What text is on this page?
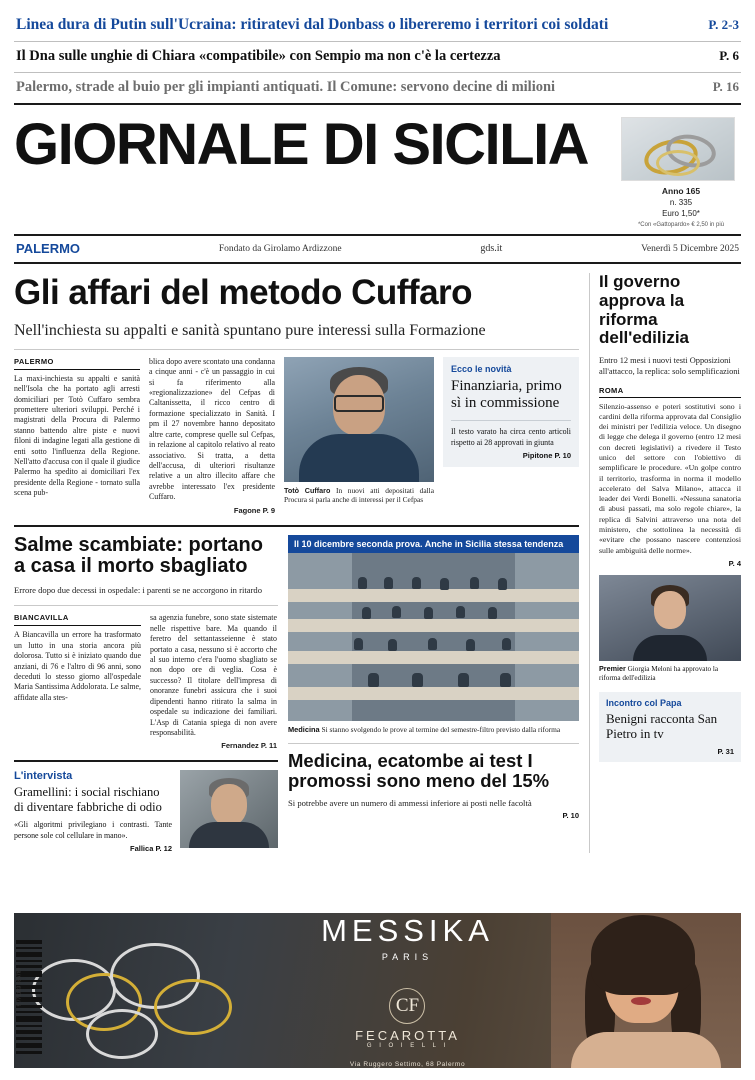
Linea dura di Putin sull'Ucraina: ritiratevi dal Donbass o libereremo i territori coi soldati	P. 2-3
Il Dna sulle unghie di Chiara «compatibile» con Sempio ma non c'è la certezza	P. 6
Palermo, strade al buio per gli impianti antiquati. Il Comune: servono decine di milioni	P. 16
GIORNALE DI SICILIA
Anno 165
n. 335
Euro 1,50*
*Con «Gattopardo» € 2,50 in più
PALERMO	Fondato da Girolamo Ardizzone	gds.it	Venerdì 5 Dicembre 2025
Gli affari del metodo Cuffaro
Nell'inchiesta su appalti e sanità spuntano pure interessi sulla Formazione
PALERMO
La maxi-inchiesta su appalti e sanità nell'Isola che ha portato agli arresti domiciliari per Totò Cuffaro sembra promettere ulteriori sviluppi. Perché i magistrati della Procura di Palermo stanno battendo altre piste e nuovi filoni di indagine legati alla gestione di enti sotto l'influenza della Regione. Nell'atto d'accusa con il quale il giudice Palermo ha spedito ai domiciliari l'ex presidente della Regione - tornato sulla scena pub-
blica dopo avere scontato una condanna a cinque anni - c'è un passaggio in cui si fa riferimento alla «regionalizzazione» del Cefpas di Caltanissetta, il ricco centro di formazione specializzato in Sanità. I pm il 27 novembre hanno depositato altre carte, comprese quelle sul Cefpas, in relazione al capitolo relativo al reato associativo. Si tratta, a detta dell'accusa, di ulteriori risultanze relative a un altro illecito affare che avrebbe interessato l'ex presidente Cuffaro.
Fagone P. 9
Totò Cuffaro In nuovi atti depositati dalla Procura si parla anche di interessi per il Cefpas
Ecco le novità
Finanziaria, primo sì in commissione
Il testo varato ha circa cento articoli rispetto ai 28 approvati in giunta
Pipitone P. 10
Salme scambiate: portano a casa il morto sbagliato
Errore dopo due decessi in ospedale: i parenti se ne accorgono in ritardo
BIANCAVILLA
A Biancavilla un errore ha trasformato un lutto in una storia ancora più dolorosa. Tutto si è iniziato quando due anziani, di 76 e l'altro di 96 anni, sono deceduti lo stesso giorno all'ospedale Maria Santissima Addolorata. Le salme, affidate alla stes-
sa agenzia funebre, sono state sistemate nelle rispettive bare. Ma quando il feretro del settantasseienne è stato portato a casa, nessuno si è accorto che al suo interno c'era l'uomo sbagliato se non dopo ore di veglia. Cosa è successo? Il titolare dell'impresa di onoranze funebri assicura che i suoi dipendenti hanno ritirato la salma in ospedale su indicazione dei familiari. L'Asp di Catania spiega di non avere responsabilità.
Fernandez P. 11
L'intervista
Gramellini: i social rischiano di diventare fabbriche di odio
«Gli algoritmi privilegiano i contrasti. Tante persone sole col cellulare in mano».
Fallica P. 12
Il 10 dicembre seconda prova. Anche in Sicilia stessa tendenza
Medicina Si stanno svolgendo le prove al termine del semestre-filtro previsto dalla riforma
Medicina, ecatombe ai test I promossi sono meno del 15%
Si potrebbe avere un numero di ammessi inferiore ai posti nelle facoltà
P. 10
Il governo approva la riforma dell'edilizia
Entro 12 mesi i nuovi testi Opposizioni all'attacco, la replica: solo semplificazioni
ROMA
Silenzio-assenso e poteri sostitutivi sono i cardini della riforma approvata dal Consiglio dei ministri per l'edilizia veloce. Un disegno di legge che delega il governo (entro 12 mesi con decreti legislativi) a rivedere il Testo unico del settore con l'obiettivo di semplificare le procedure. «Un golpe contro il territorio, trasforma in norma il modello accelerato del Salva Milano», attacca il leader dei Verdi Bonelli. «Nessuna sanatoria di abusi passati, ma solo regole chiare», la replica di Salvini attraverso una nota del ministero, che sottolinea la necessità di «evitare che possano nascere contenziosi sulle ambiguità delle norme».
P. 4
Premier Giorgia Meloni ha approvato la riforma dell'edilizia
Incontro col Papa
Benigni racconta San Pietro in tv
P. 31
MESSIKA
PARIS
CF
FECAROTTA
G I O I E L L I
Via Ruggero Settimo, 68 Palermo
9 771123 456789
